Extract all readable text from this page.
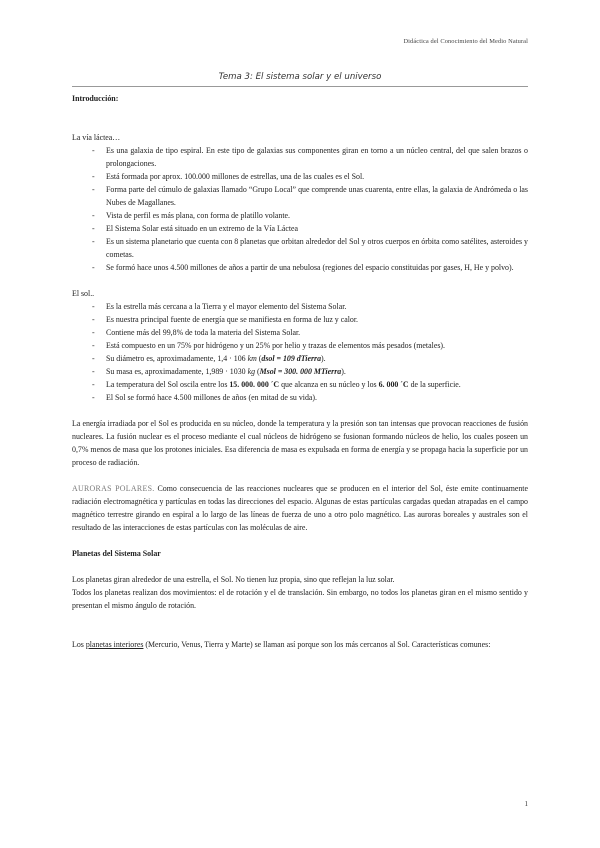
Didáctica del Conocimiento del Medio Natural
Tema 3: El sistema solar y el universo

Introducción:

La vía láctea…

- Es una galaxia de tipo espiral. En este tipo de galaxias sus componentes giran en torno a un núcleo central, del que salen brazos o prolongaciones.
- Está formada por aprox. 100.000 millones de estrellas, una de las cuales es el Sol.
- Forma parte del cúmulo de galaxias llamado “Grupo Local” que comprende unas cuarenta, entre ellas, la galaxia de Andrómeda o las Nubes de Magallanes.
- Vista de perfil es más plana, con forma de platillo volante.
- El Sistema Solar está situado en un extremo de la Vía Láctea
- Es un sistema planetario que cuenta con 8 planetas que orbitan alrededor del Sol y otros cuerpos en órbita como satélites, asteroides y cometas.
- Se formó hace unos 4.500 millones de años a partir de una nebulosa (regiones del espacio constituidas por gases, H, He y polvo).

El sol..

- Es la estrella más cercana a la Tierra y el mayor elemento del Sistema Solar.
- Es nuestra principal fuente de energía que se manifiesta en forma de luz y calor.
- Contiene más del 99,8% de toda la materia del Sistema Solar.
- Está compuesto en un 75% por hidrógeno y un 25% por helio y trazas de elementos más pesados (metales).
- Su diámetro es, aproximadamente, 1,4 · 106 km (dsol = 109 dTierra).
- Su masa es, aproximadamente, 1,989 · 1030 kg (Msol = 300. 000 MTierra).
- La temperatura del Sol oscila entre los 15. 000. 000 ´C que alcanza en su núcleo y los 6. 000 ´C de la superficie.
- El Sol se formó hace 4.500 millones de años (en mitad de su vida).

La energía irradiada por el Sol es producida en su núcleo, donde la temperatura y la presión son tan intensas que provocan reacciones de fusión nucleares. La fusión nuclear es el proceso mediante el cual núcleos de hidrógeno se fusionan formando núcleos de helio, los cuales poseen un 0,7% menos de masa que los protones iniciales. Esa diferencia de masa es expulsada en forma de energía y se propaga hacia la superficie por un proceso de radiación.

AURORAS POLARES. Como consecuencia de las reacciones nucleares que se producen en el interior del Sol, éste emite continuamente radiación electromagnética y partículas en todas las direcciones del espacio. Algunas de estas partículas cargadas quedan atrapadas en el campo magnético terrestre girando en espiral a lo largo de las líneas de fuerza de uno a otro polo magnético. Las auroras boreales y australes son el resultado de las interacciones de estas partículas con las moléculas de aire.

Planetas del Sistema Solar

Los planetas giran alrededor de una estrella, el Sol. No tienen luz propia, sino que reflejan la luz solar.

Todos los planetas realizan dos movimientos: el de rotación y el de translación. Sin embargo, no todos los planetas giran en el mismo sentido y presentan el mismo ángulo de rotación.

Los planetas interiores (Mercurio, Venus, Tierra y Marte) se llaman así porque son los más cercanos al Sol. Características comunes:

1
